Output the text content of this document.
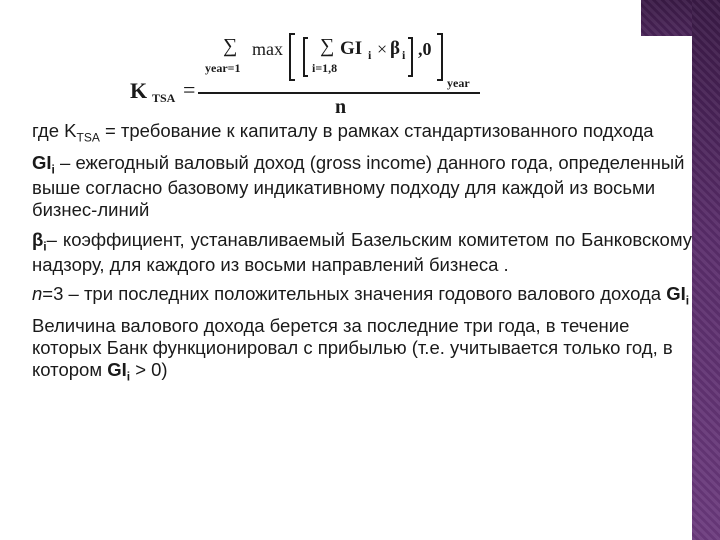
K TSA =
∑ max
year=1
∑ GI i × β i
i=1,8
,0
year
n

где $K_{TSA}$ = требование к капиталу в рамках стандартизованного подхода

$GI_i$ – ежегодный валовый доход (gross income) данного года, определенный выше согласно базовому индикативному подходу для каждой из восьми бизнес-линий

$\beta_i-$ коэффициент, устанавливаемый Базельским комитетом по Банковскому надзору, для каждого из восьми направлений бизнеса .

n=3 – три последних положительных значения годового валового дохода $GI_i$

Величина валового дохода берется за последние три года, в течение которых Банк функционировал с прибылью (т.е. учитывается только год, в котором $GI_i > 0$)
